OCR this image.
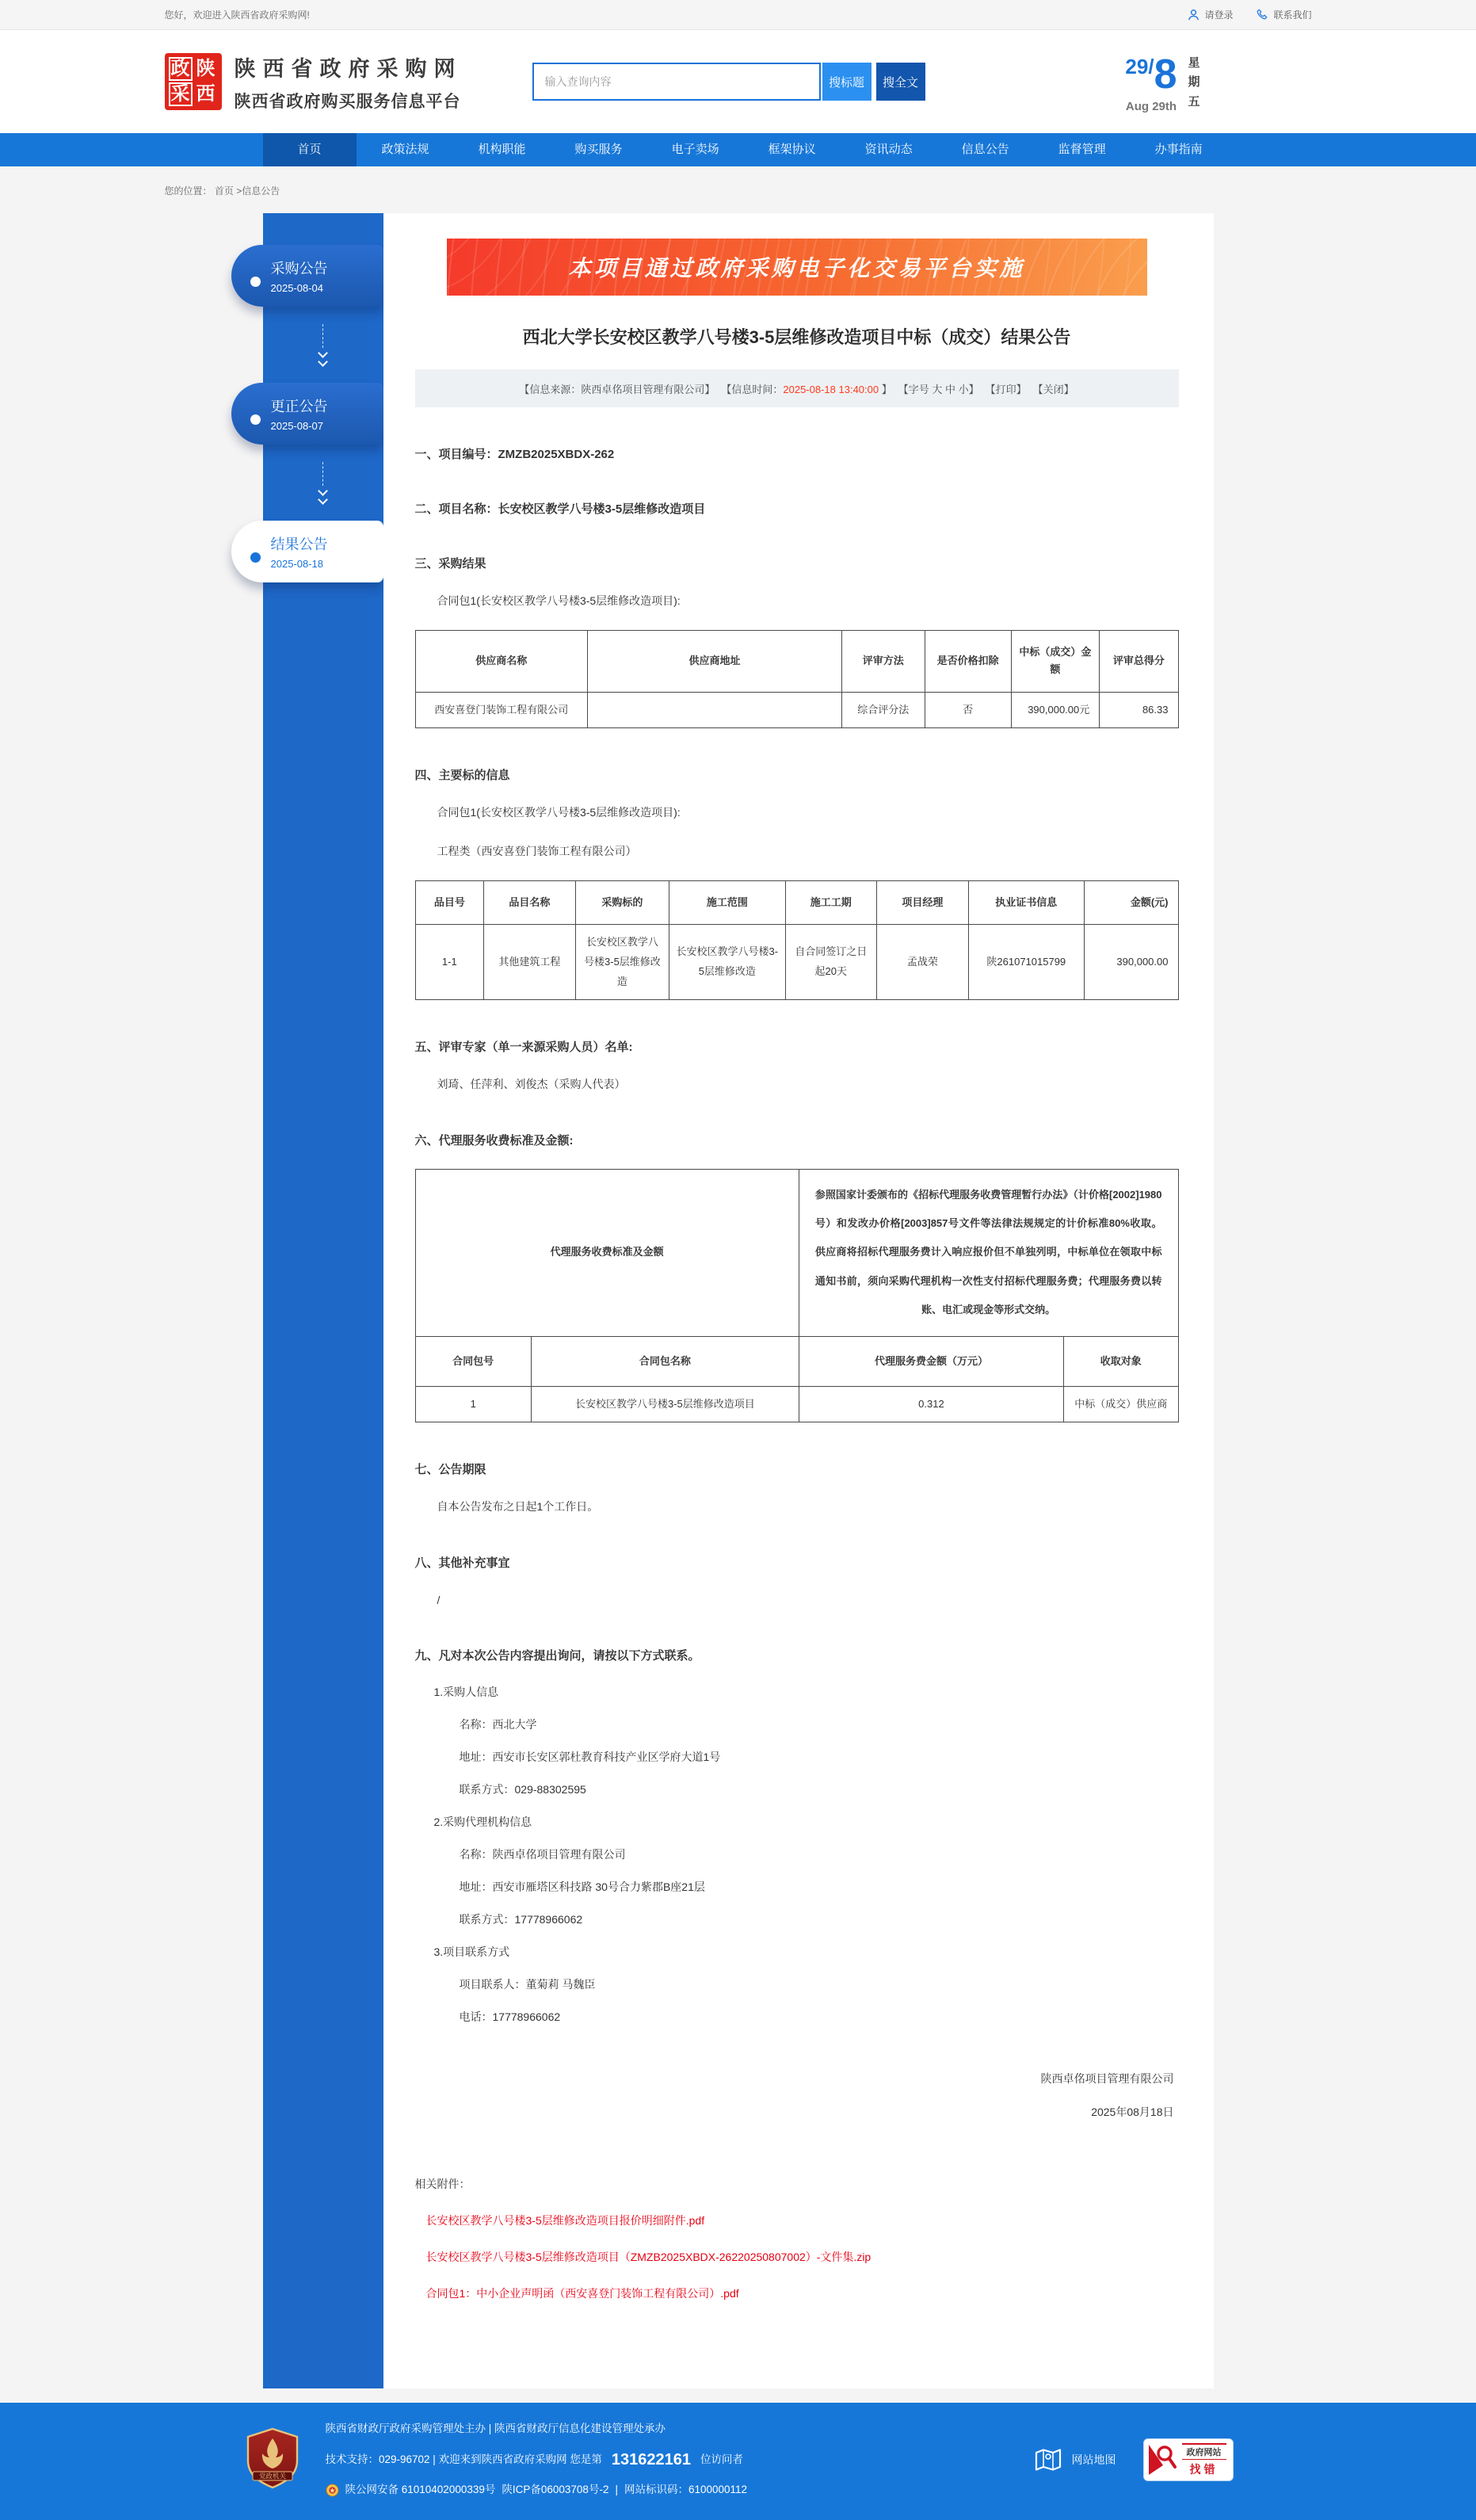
您好，欢迎进入陕西省政府采购网!	请登录	联系我们
政 陕
采 西
陕西省政府采购网
陕西省政府购买服务信息平台
输入查询内容
搜标题	搜全文
29/8
Aug 29th
星期五
首页	政策法规	机构职能	购买服务	电子卖场	框架协议	资讯动态	信息公告	监督管理	办事指南
您的位置： 首页 >信息公告
采购公告
2025-08-04
更正公告
2025-08-07
结果公告
2025-08-18
本项目通过政府采购电子化交易平台实施
西北大学长安校区教学八号楼3-5层维修改造项目中标（成交）结果公告
【信息来源：陕西卓佲项目管理有限公司】 【信息时间：2025-08-18 13:40:00 】 【字号 大 中 小】 【打印】 【关闭】
一、项目编号：ZMZB2025XBDX-262
二、项目名称：长安校区教学八号楼3-5层维修改造项目
三、采购结果
合同包1(长安校区教学八号楼3-5层维修改造项目):
供应商名称	供应商地址	评审方法	是否价格扣除	中标（成交）金额	评审总得分
西安喜登门装饰工程有限公司		综合评分法	否	390,000.00元	86.33
四、主要标的信息
合同包1(长安校区教学八号楼3-5层维修改造项目):
工程类（西安喜登门装饰工程有限公司）
品目号	品目名称	采购标的	施工范围	施工工期	项目经理	执业证书信息	金额(元)
1-1	其他建筑工程	长安校区教学八号楼3-5层维修改造	长安校区教学八号楼3-5层维修改造	自合同签订之日起20天	孟战荣	陕261071015799	390,000.00
五、评审专家（单一来源采购人员）名单:
刘琦、任萍利、刘俊杰（采购人代表）
六、代理服务收费标准及金额:
代理服务收费标准及金额		参照国家计委颁布的《招标代理服务收费管理暂行办法》（计价格[2002]1980号）和发改办价格[2003]857号文件等法律法规规定的计价标准80%收取。 供应商将招标代理服务费计入响应报价但不单独列明，中标单位在领取中标通知书前，须向采购代理机构一次性支付招标代理服务费；代理服务费以转账、电汇或现金等形式交纳。	
合同包号	合同包名称	代理服务费金额（万元）	收取对象
1	长安校区教学八号楼3-5层维修改造项目	0.312	中标（成交）供应商
七、公告期限
自本公告发布之日起1个工作日。
八、其他补充事宜
/
九、凡对本次公告内容提出询问，请按以下方式联系。
1.采购人信息
名称：西北大学
地址：西安市长安区郭杜教育科技产业区学府大道1号
联系方式：029-88302595
2.采购代理机构信息
名称：陕西卓佲项目管理有限公司
地址：西安市雁塔区科技路 30号合力紫郡B座21层
联系方式：17778966062
3.项目联系方式
项目联系人：董菊莉 马魏臣
电话：17778966062
陕西卓佲项目管理有限公司
2025年08月18日
相关附件：
长安校区教学八号楼3-5层维修改造项目报价明细附件.pdf
长安校区教学八号楼3-5层维修改造项目（ZMZB2025XBDX-26220250807002）-文件集.zip
合同包1：中小企业声明函（西安喜登门装饰工程有限公司）.pdf
党政机关
陕西省财政厅政府采购管理处主办 | 陕西省财政厅信息化建设管理处承办
技术支持：029-96702 | 欢迎来到陕西省政府采购网 您是第 131622161 位访问者
陕公网安备 61010402000339号 陕ICP备06003708号-2 | 网站标识码：6100000112
网站地图
政府网站
找错
